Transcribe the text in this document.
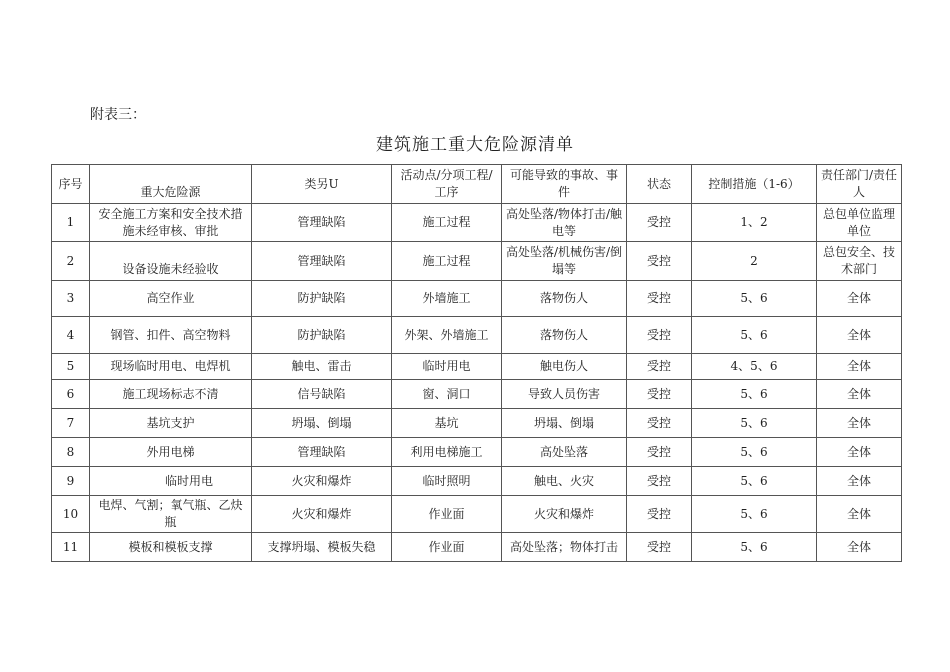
附表三：
建筑施工重大危险源清单
序号	重大危险源	类另U	活动点/分项工程/工序	可能导致的事故、事件	状态	控制措施（1-6）	责任部门/责任人
1	安全施工方案和安全技术措施未经审核、审批	管理缺陷	施工过程	高处坠落/物体打击/触电等	受控	1、2	总包单位监理单位
2	设备设施未经验收	管理缺陷	施工过程	高处坠落/机械伤害/倒塌等	受控	2	总包安全、技术部门
3	高空作业	防护缺陷	外墙施工	落物伤人	受控	5、6	全体
4	钢管、扣件、高空物料	防护缺陷	外架、外墙施工	落物伤人	受控	5、6	全体
5	现场临时用电、电焊机	触电、雷击	临时用电	触电伤人	受控	4、5、6	全体
6	施工现场标志不清	信号缺陷	窗、洞口	导致人员伤害	受控	5、6	全体
7	基坑支护	坍塌、倒塌	基坑	坍塌、倒塌	受控	5、6	全体
8	外用电梯	管理缺陷	利用电梯施工	高处坠落	受控	5、6	全体
9	临时用电	火灾和爆炸	临时照明	触电、火灾	受控	5、6	全体
10	电焊、气割；氧气瓶、乙炔瓶	火灾和爆炸	作业面	火灾和爆炸	受控	5、6	全体
11	模板和模板支撑	支撑坍塌、模板失稳	作业面	高处坠落；物体打击	受控	5、6	全体
